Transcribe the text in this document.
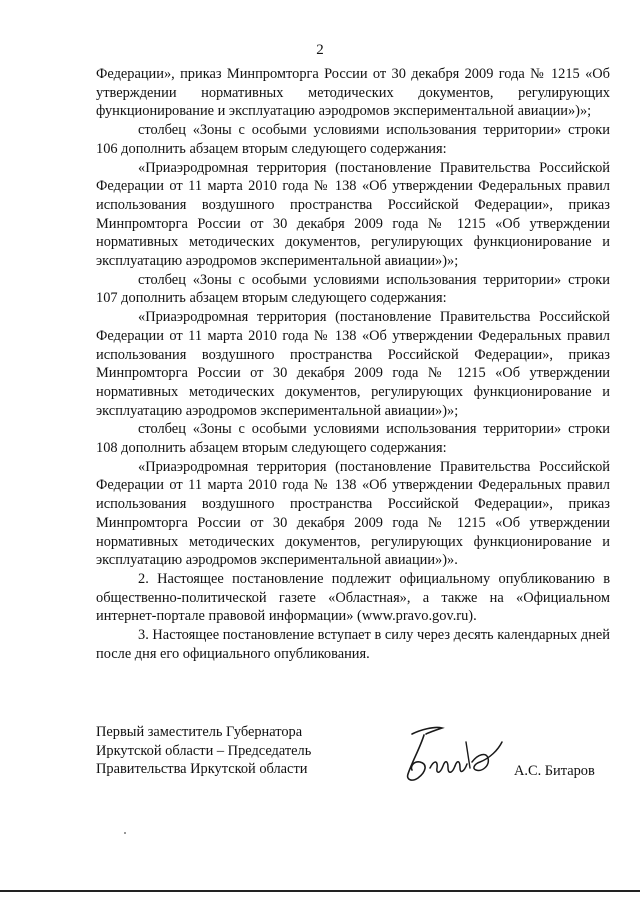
2

Федерации», приказ Минпромторга России от 30 декабря 2009 года № 1215 «Об утверждении нормативных методических документов, регулирующих функционирование и эксплуатацию аэродромов экспериментальной авиации»)»;

столбец «Зоны с особыми условиями использования территории» строки 106 дополнить абзацем вторым следующего содержания:

«Приаэродромная территория (постановление Правительства Российской Федерации от 11 марта 2010 года № 138 «Об утверждении Федеральных правил использования воздушного пространства Российской Федерации», приказ Минпромторга России от 30 декабря 2009 года № 1215 «Об утверждении нормативных методических документов, регулирующих функционирование и эксплуатацию аэродромов экспериментальной авиации»)»;

столбец «Зоны с особыми условиями использования территории» строки 107 дополнить абзацем вторым следующего содержания:

«Приаэродромная территория (постановление Правительства Российской Федерации от 11 марта 2010 года № 138 «Об утверждении Федеральных правил использования воздушного пространства Российской Федерации», приказ Минпромторга России от 30 декабря 2009 года № 1215 «Об утверждении нормативных методических документов, регулирующих функционирование и эксплуатацию аэродромов экспериментальной авиации»)»;

столбец «Зоны с особыми условиями использования территории» строки 108 дополнить абзацем вторым следующего содержания:

«Приаэродромная территория (постановление Правительства Российской Федерации от 11 марта 2010 года № 138 «Об утверждении Федеральных правил использования воздушного пространства Российской Федерации», приказ Минпромторга России от 30 декабря 2009 года № 1215 «Об утверждении нормативных методических документов, регулирующих функционирование и эксплуатацию аэродромов экспериментальной авиации»)».

2. Настоящее постановление подлежит официальному опубликованию в общественно-политической газете «Областная», а также на «Официальном интернет-портале правовой информации» (www.pravo.gov.ru).

3. Настоящее постановление вступает в силу через десять календарных дней после дня его официального опубликования.

Первый заместитель Губернатора
Иркутской области – Председатель
Правительства Иркутской области	А.С. Битаров
